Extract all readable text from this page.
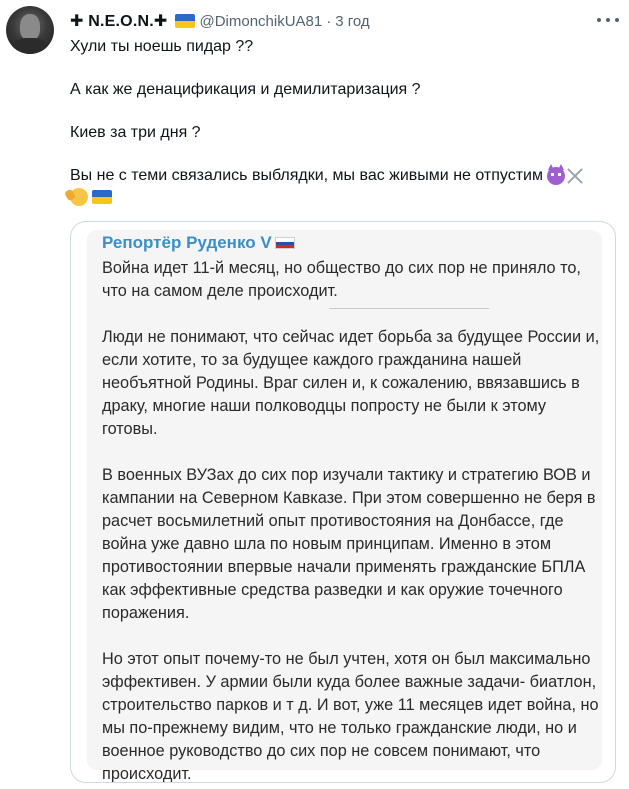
✚ N.E.O.N.✚ @DimonchikUA81 · 3 год

Хули ты ноешь пидар ??

А как же денацификация и демилитаризация ?

Киев за три дня ?

Вы не с теми связались выблядки, мы вас живыми не отпустим

Репортёр Руденко V

Война идет 11-й месяц, но общество до сих пор не приняло то, что на самом деле происходит.

Люди не понимают, что сейчас идет борьба за будущее России и, если хотите, то за будущее каждого гражданина нашей необъятной Родины. Враг силен и, к сожалению, ввязавшись в драку, многие наши полководцы попросту не были к этому готовы.

В военных ВУЗах до сих пор изучали тактику и стратегию ВОВ и кампании на Северном Кавказе. При этом совершенно не беря в расчет восьмилетний опыт противостояния на Донбассе, где война уже давно шла по новым принципам. Именно в этом противостоянии впервые начали применять гражданские БПЛА как эффективные средства разведки и как оружие точечного поражения.

Но этот опыт почему-то не был учтен, хотя он был максимально эффективен. У армии были куда более важные задачи- биатлон, строительство парков и т д. И вот, уже 11 месяцев идет война, но мы по-прежнему видим, что не только гражданские люди, но и военное руководство до сих пор не совсем понимают, что происходит.
